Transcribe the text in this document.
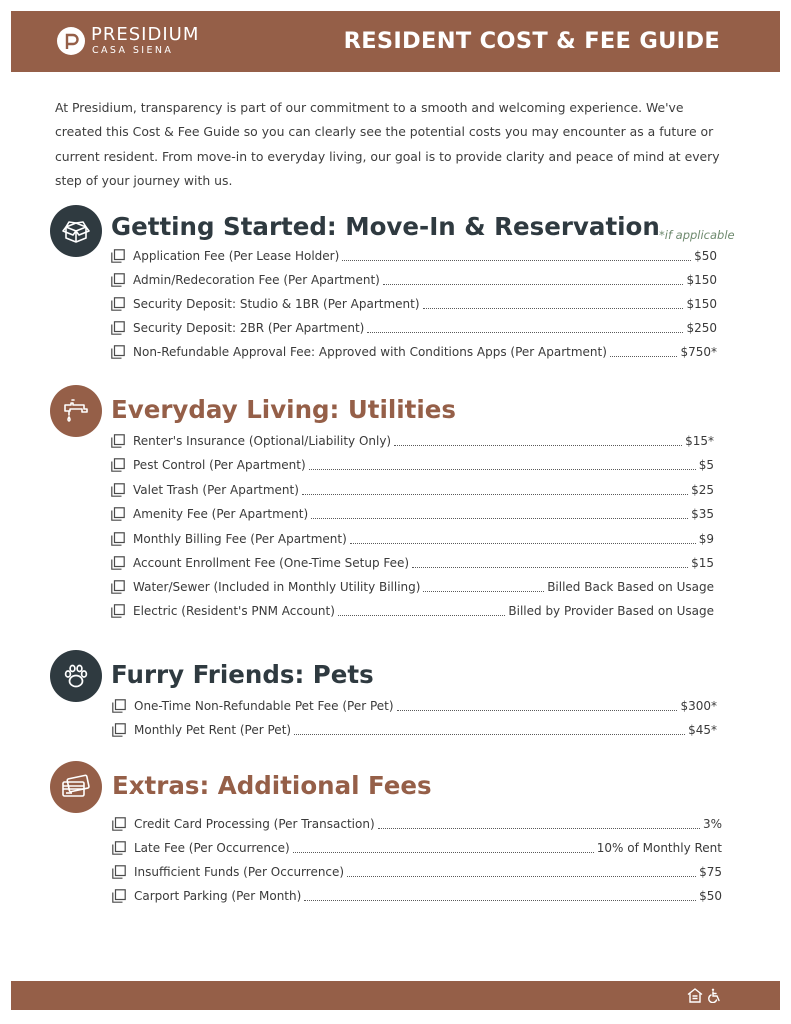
PRESIDIUM
CASA SIENA	RESIDENT COST & FEE GUIDE
At Presidium, transparency is part of our commitment to a smooth and welcoming experience. We've created this Cost & Fee Guide so you can clearly see the potential costs you may encounter as a future or current resident. From move-in to everyday living, our goal is to provide clarity and peace of mind at every step of your journey with us.
Getting Started: Move-In & Reservation *if applicable
Application Fee (Per Lease Holder)	$50
Admin/Redecoration Fee (Per Apartment)	$150
Security Deposit: Studio & 1BR (Per Apartment)	$150
Security Deposit: 2BR (Per Apartment)	$250
Non-Refundable Approval Fee: Approved with Conditions Apps (Per Apartment)	$750*
Everyday Living: Utilities
Renter's Insurance (Optional/Liability Only)	$15*
Pest Control (Per Apartment)	$5
Valet Trash (Per Apartment)	$25
Amenity Fee (Per Apartment)	$35
Monthly Billing Fee (Per Apartment)	$9
Account Enrollment Fee (One-Time Setup Fee)	$15
Water/Sewer (Included in Monthly Utility Billing)	Billed Back Based on Usage
Electric (Resident's PNM Account)	Billed by Provider Based on Usage
Furry Friends: Pets
One-Time Non-Refundable Pet Fee (Per Pet)	$300*
Monthly Pet Rent (Per Pet)	$45*
Extras: Additional Fees
Credit Card Processing (Per Transaction)	3%
Late Fee (Per Occurrence)	10% of Monthly Rent
Insufficient Funds (Per Occurrence)	$75
Carport Parking (Per Month)	$50
